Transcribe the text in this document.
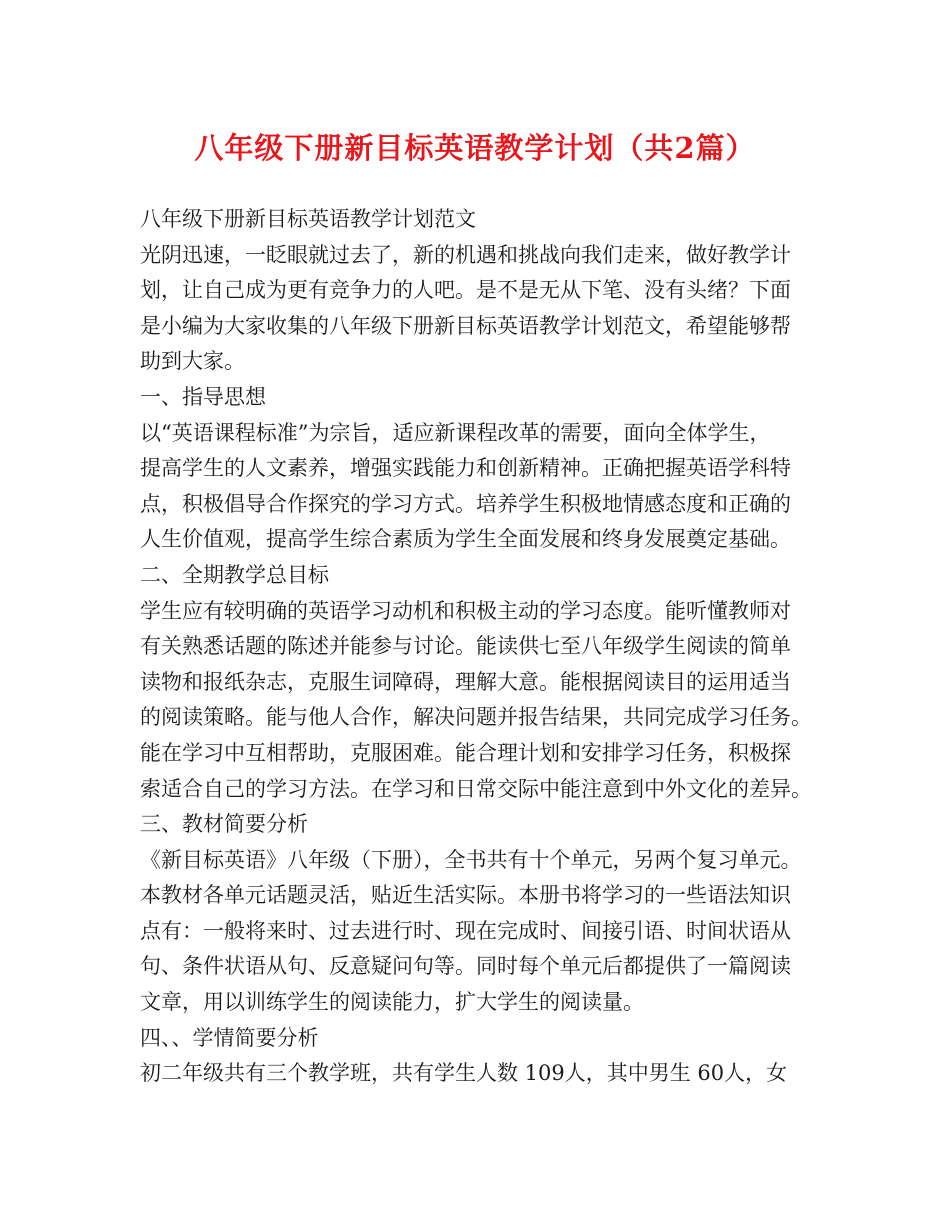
八年级下册新目标英语教学计划（共2篇）
八年级下册新目标英语教学计划范文
光阴迅速，一眨眼就过去了，新的机遇和挑战向我们走来，做好教学计
划，让自己成为更有竞争力的人吧。是不是无从下笔、没有头绪？下面
是小编为大家收集的八年级下册新目标英语教学计划范文，希望能够帮
助到大家。
一、指导思想
以“英语课程标准”为宗旨，适应新课程改革的需要，面向全体学生，
提高学生的人文素养，增强实践能力和创新精神。正确把握英语学科特
点，积极倡导合作探究的学习方式。培养学生积极地情感态度和正确的
人生价值观，提高学生综合素质为学生全面发展和终身发展奠定基础。
二、全期教学总目标
学生应有较明确的英语学习动机和积极主动的学习态度。能听懂教师对
有关熟悉话题的陈述并能参与讨论。能读供七至八年级学生阅读的简单
读物和报纸杂志，克服生词障碍，理解大意。能根据阅读目的运用适当
的阅读策略。能与他人合作，解决问题并报告结果，共同完成学习任务。
能在学习中互相帮助，克服困难。能合理计划和安排学习任务，积极探
索适合自己的学习方法。在学习和日常交际中能注意到中外文化的差异。
三、教材简要分析
《新目标英语》八年级（下册），全书共有十个单元，另两个复习单元。
本教材各单元话题灵活，贴近生活实际。本册书将学习的一些语法知识
点有：一般将来时、过去进行时、现在完成时、间接引语、时间状语从
句、条件状语从句、反意疑问句等。同时每个单元后都提供了一篇阅读
文章，用以训练学生的阅读能力，扩大学生的阅读量。
四、、学情简要分析
初二年级共有三个教学班，共有学生人数 109人，其中男生 60人，女
